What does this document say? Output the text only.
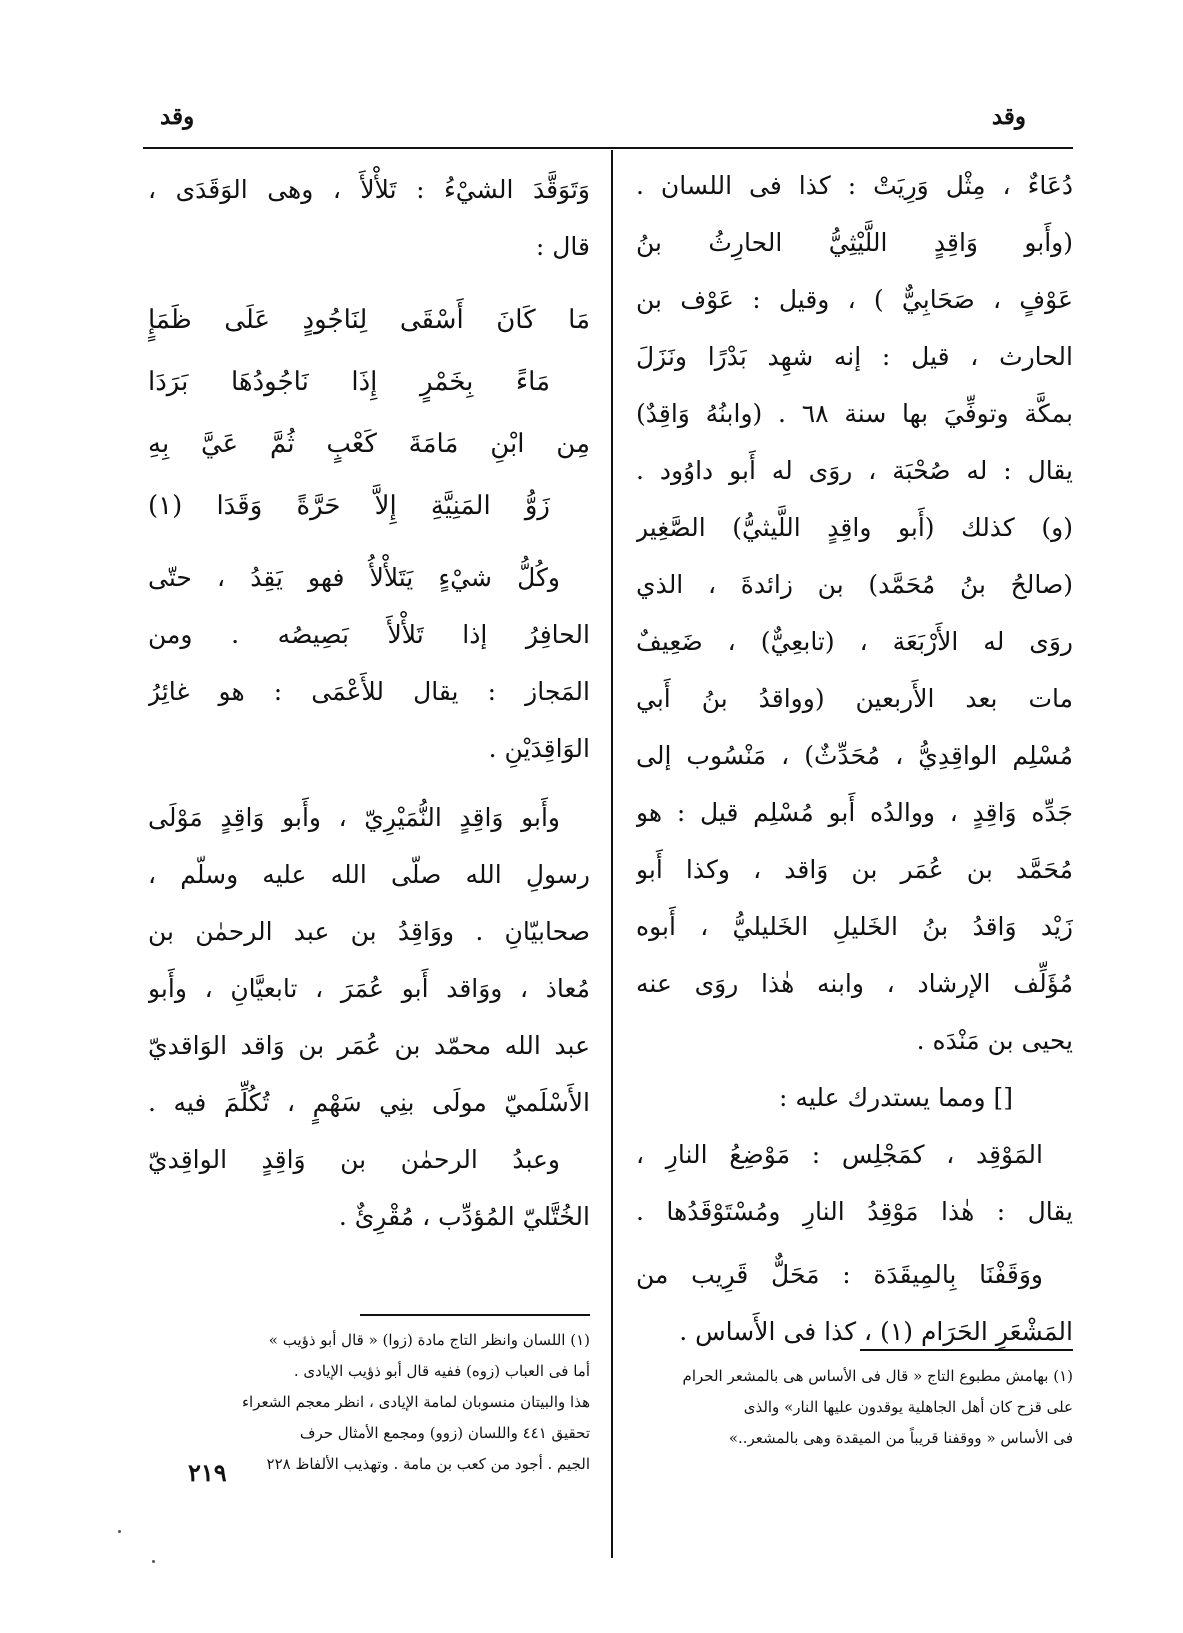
وقد
وقد

دُعَاءٌ ، مِثْل وَرِيَتْ : كذا فى اللسان .
(وأَبو وَاقِدٍ اللَّيْثِيُّ الحارِثُ بنُ
عَوْفٍ ، صَحَابِيٌّ ) ، وقيل : عَوْف بن
الحارث ، قيل : إنه شهِد بَدْرًا ونَزَلَ
بمكَّة وتوفِّيَ بها سنة ٦٨ . (وابنُهُ وَاقِدٌ)
يقال : له صُحْبَة ، روَى له أَبو داوُود .
(و) كذلك (أَبو واقِدٍ اللَّيثيُّ) الصَّغِير
(صالحُ بنُ مُحَمَّد) بن زائدةَ ، الذي
روَى له الأَرْبَعَة ، (تابعِيٌّ) ، ضَعِيفٌ
مات بعد الأَربعين (وواقدُ بنُ أَبي
مُسْلِم الواقِدِيُّ ، مُحَدِّثٌ) ، مَنْسُوب إلى
جَدِّه وَاقِدٍ ، ووالدُه أَبو مُسْلِم قيل : هو
مُحَمَّد بن عُمَر بن وَاقد ، وكذا أَبو
زَيْد وَاقدُ بنُ الخَليلِ الخَليليُّ ، أَبوه
مُؤَلِّف الإرشاد ، وابنه هٰذا روَى عنه
يحيى بن مَنْدَه .

[] ومما يستدرك عليه :

المَوْقِد ، كمَجْلِس : مَوْضِعُ النارِ ،
يقال : هٰذا مَوْقِدُ النارِ ومُسْتَوْقَدُها .

ووَقَفْنَا بِالمِيقَدَة : مَحَلٌّ قَرِيب من
المَشْعَرِ الحَرَام (١) ، كذا فى الأَساس .

(١) بهامش مطبوع التاج « قال فى الأساس هى بالمشعر الحرام
على قزح كان أهل الجاهلية يوقدون عليها النار» والذى
فى الأساس « ووقفنا قريباً من الميقدة وهى بالمشعر..»

وَتَوَقَّدَ الشيْءُ : تَلأْلأَ ، وهى الوَقَدَى ،
قال :

مَا كَانَ أَسْقَى لِنَاجُودٍ عَلَى ظَمَإٍ
مَاءً بِخَمْرٍ إِذَا نَاجُودُهَا بَرَدَا
مِن ابْنِ مَامَةَ كَعْبٍ ثُمَّ عَيَّ بِهِ
زَوُّ المَنِيَّةِ إِلاَّ حَرَّةً وَقَدَا (١)

وكُلُّ شيْءٍ يَتَلأْلأُ فهو يَقِدُ ، حتّى
الحافِرُ إذا تَلأْلأَ بَصِيصُه . ومن
المَجاز : يقال للأَعْمَى : هو غائِرُ
الوَاقِدَيْنِ .

وأَبو وَاقِدٍ النُّمَيْرِيّ ، وأَبو وَاقِدٍ مَوْلَى
رسولِ الله صلّى الله عليه وسلّم ،
صحابيّانِ . ووَاقِدُ بن عبد الرحمٰن بن
مُعاذ ، ووَاقد أَبو عُمَرَ ، تابعيَّانِ ، وأَبو
عبد الله محمّد بن عُمَر بن وَاقد الوَاقديّ
الأَسْلَميّ مولَى بنِي سَهْمٍ ، تُكُلِّمَ فيه .
وعبدُ الرحمٰن بن وَاقِدٍ الواقِديّ
الخُتَّليّ المُؤدِّب ، مُقْرِئٌ .

(١) اللسان وانظر التاج مادة (زوا) « قال أبو ذؤيب »
أما فى العباب (زوه) ففيه قال أبو ذؤيب الإيادى .
هذا والبيتان منسوبان لمامة الإيادى ، انظر معجم الشعراء
تحقيق ٤٤١ واللسان (زوو) ومجمع الأمثال حرف
الجيم . أجود من كعب بن مامة . وتهذيب الألفاظ ٢٢٨
٢١٩
